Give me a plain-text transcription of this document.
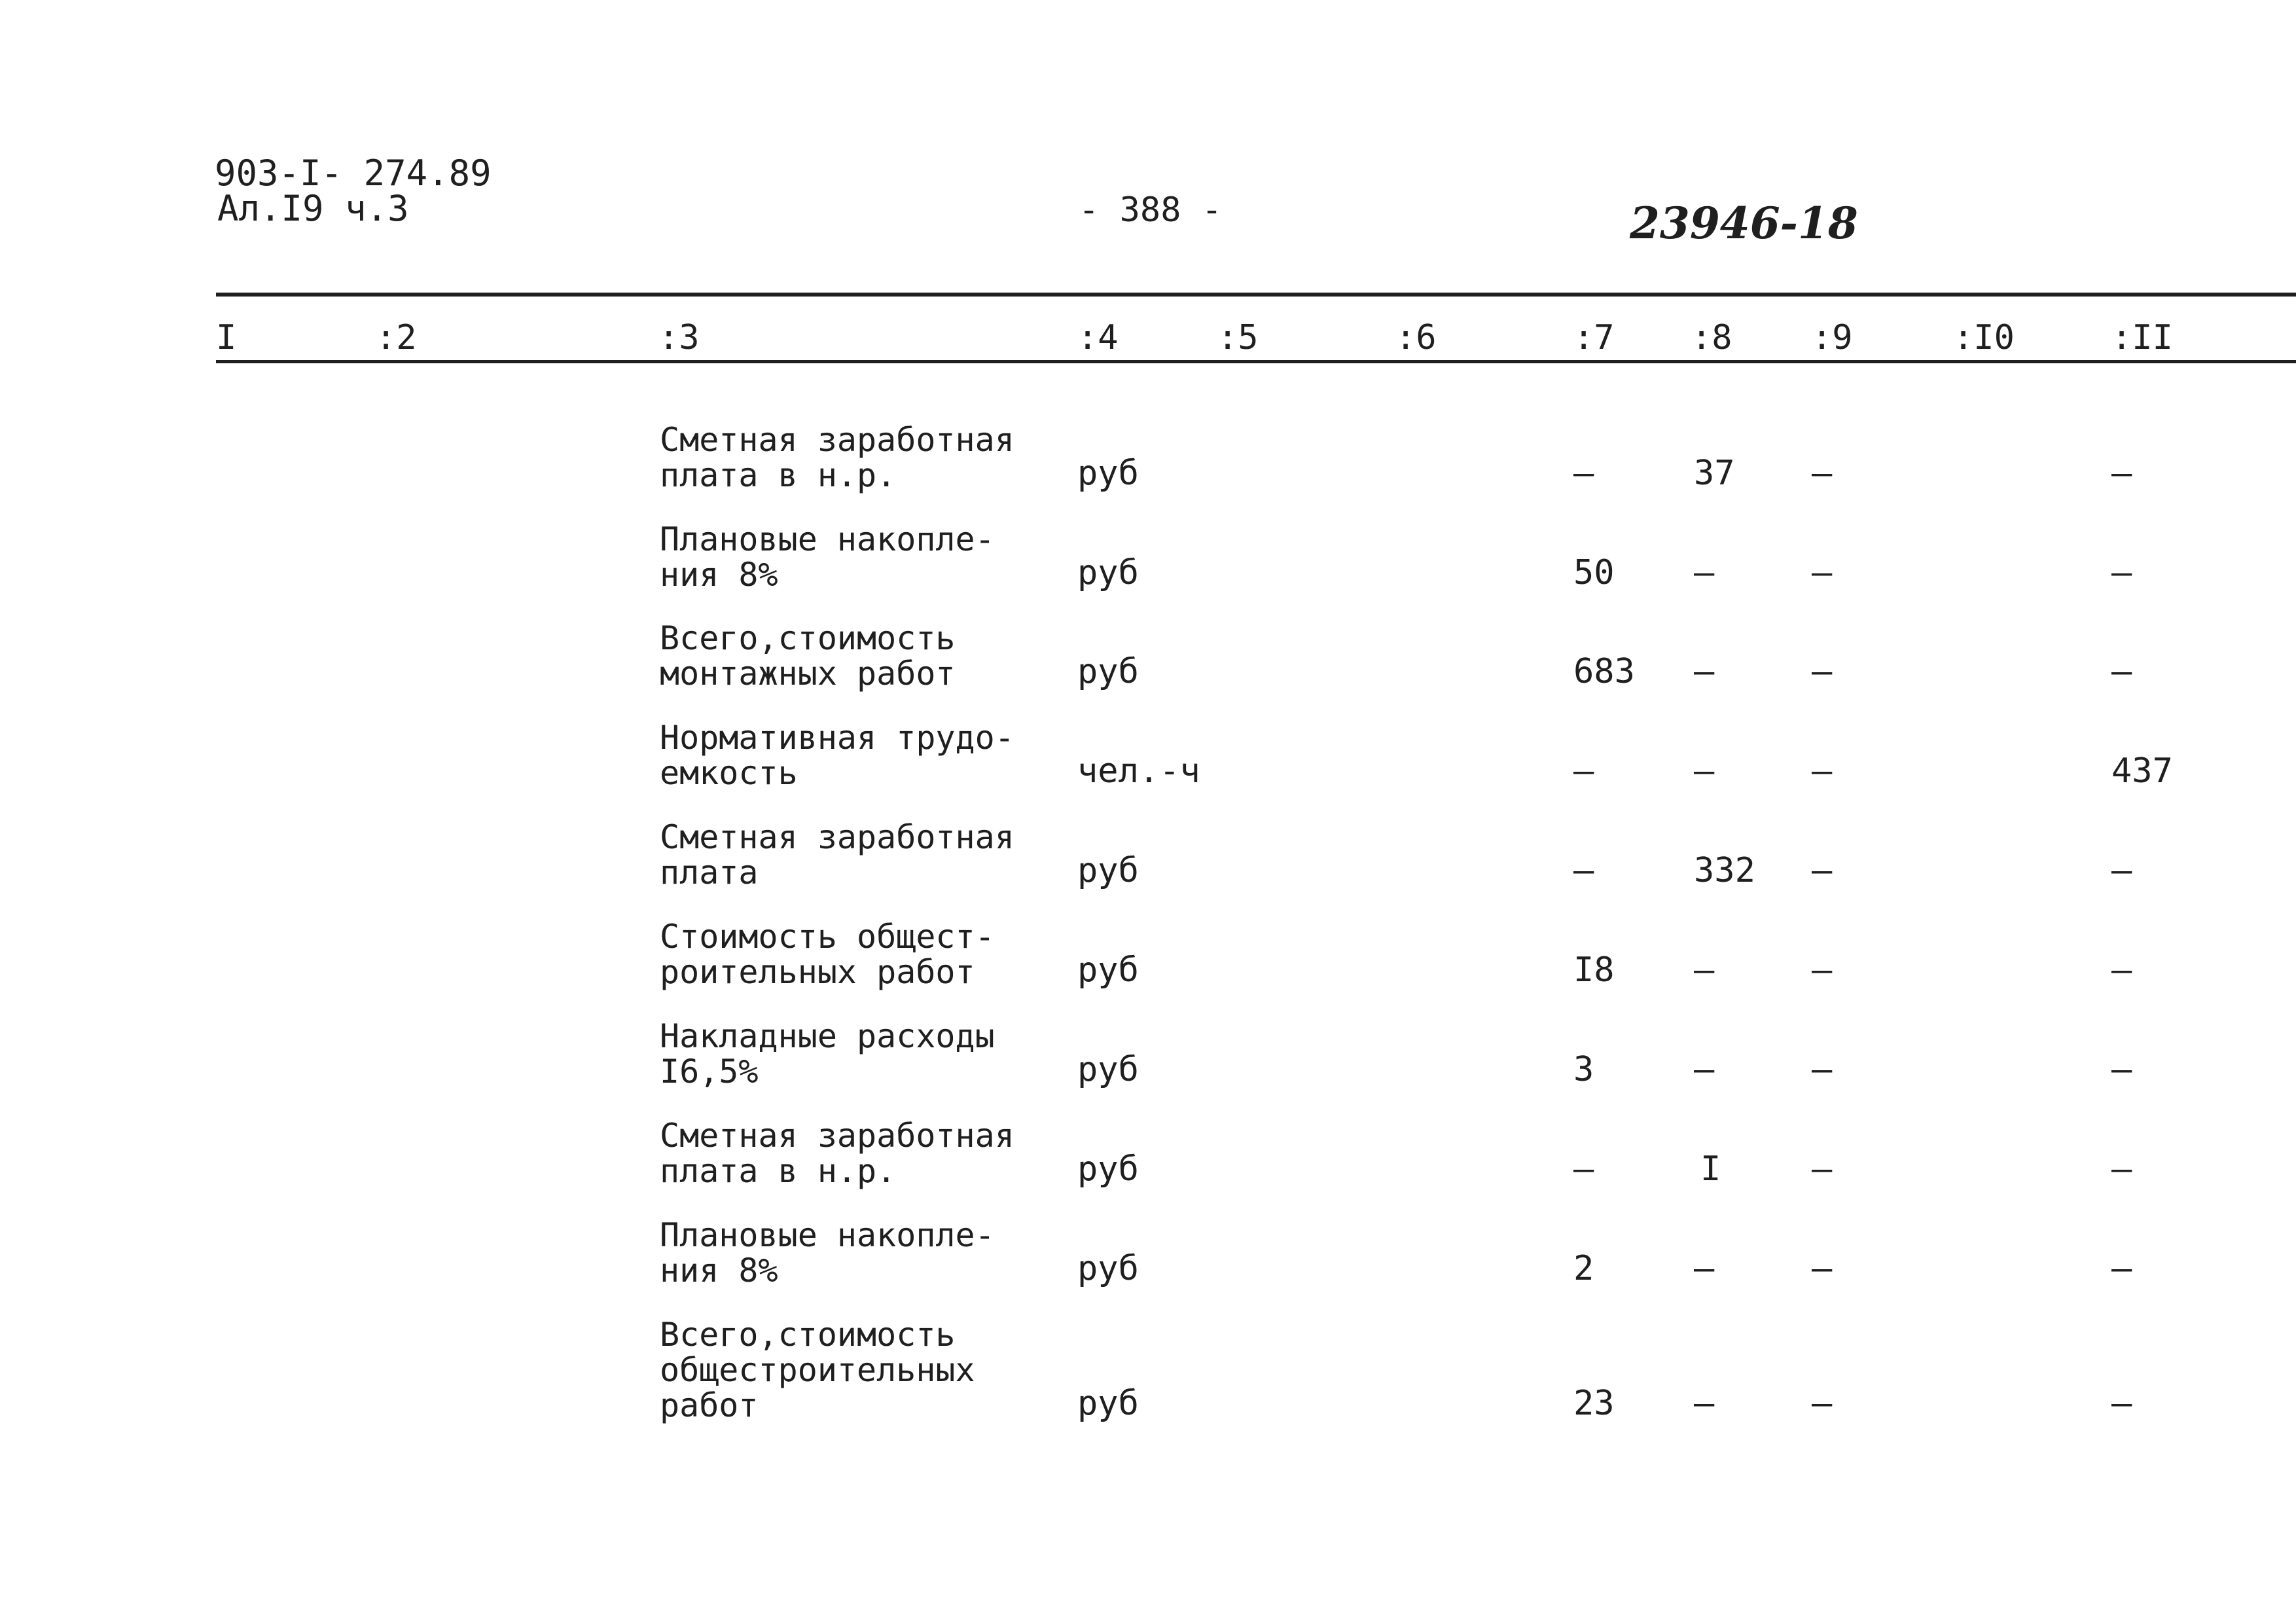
903-I- 274.89
Ал.I9 ч.3	- 388 -	23946-18
I	:2	:3	:4	:5	:6	:7 :8 :9	:I0	:II
Сметная заработная
плата в н.р.	руб	–	37 –	–
Плановые накопле-
ния 8%	руб	50 –	–	–
Всего,стоимость
монтажных работ	руб	683 –	–	–
Нормативная трудо-
емкость	чел.-ч	–	–	–	437
Сметная заработная
плата	руб	–	332 –	–
Стоимость общест-
роительных работ	руб	I8 –	–	–
Накладные расходы
I6,5%	руб	3	–	–	–
Сметная заработная
плата в н.р.	руб	–	I	–	–
Плановые накопле-
ния 8%	руб	2	–	–	–
Всего,стоимость
общестроительных
работ	руб	23 –	–	–
